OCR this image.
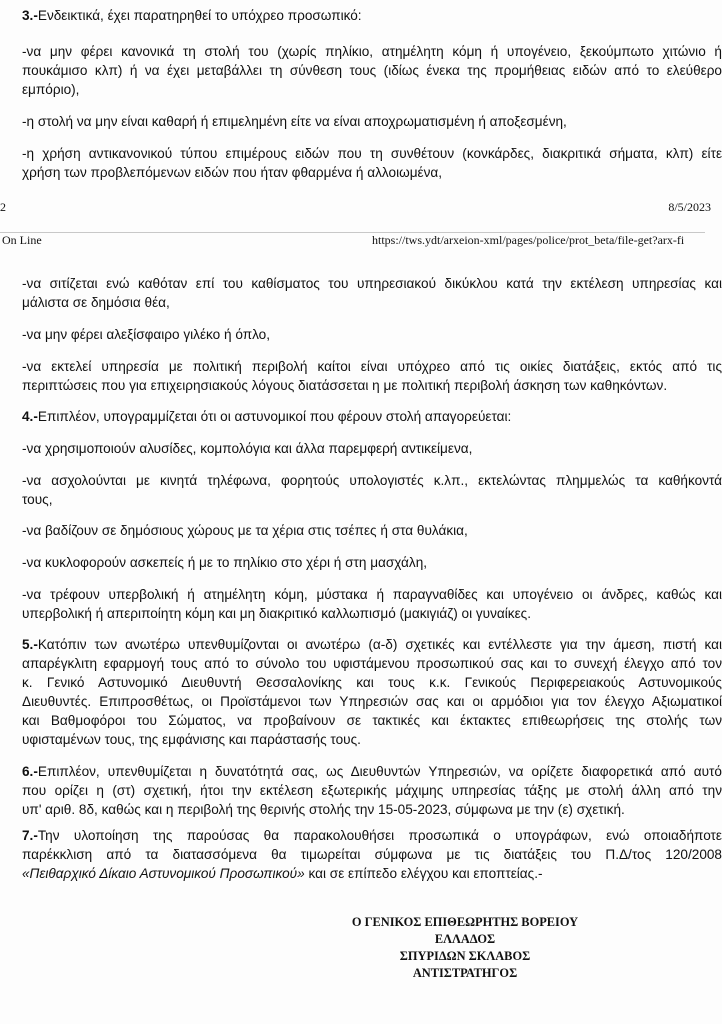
3.-Ενδεικτικά, έχει παρατηρηθεί το υπόχρεο προσωπικό:
-να μην φέρει κανονικά τη στολή του (χωρίς πηλίκιο, ατημέλητη κόμη ή υπογένειο, ξεκούμπωτο χιτώνιο ή
πουκάμισο κλπ) ή να έχει μεταβάλλει τη σύνθεση τους (ιδίως ένεκα της προμήθειας ειδών από το ελεύθερο
εμπόριο),
-η στολή να μην είναι καθαρή ή επιμελημένη είτε να είναι αποχρωματισμένη ή αποξεσμένη,
-η χρήση αντικανονικού τύπου επιμέρους ειδών που τη συνθέτουν (κονκάρδες, διακριτικά σήματα, κλπ) είτε
χρήση των προβλεπόμενων ειδών που ήταν φθαρμένα ή αλλοιωμένα,
2	8/5/2023
On Line	https://tws.ydt/arxeion-xml/pages/police/prot_beta/file-get?arx-fi
-να σιτίζεται ενώ καθόταν επί του καθίσματος του υπηρεσιακού δικύκλου κατά την εκτέλεση υπηρεσίας και
μάλιστα σε δημόσια θέα,
-να μην φέρει αλεξίσφαιρο γιλέκο ή όπλο,
-να εκτελεί υπηρεσία με πολιτική περιβολή καίτοι είναι υπόχρεο από τις οικίες διατάξεις, εκτός από τις
περιπτώσεις που για επιχειρησιακούς λόγους διατάσσεται η με πολιτική περιβολή άσκηση των καθηκόντων.
4.-Επιπλέον, υπογραμμίζεται ότι οι αστυνομικοί που φέρουν στολή απαγορεύεται:
-να χρησιμοποιούν αλυσίδες, κομπολόγια και άλλα παρεμφερή αντικείμενα,
-να ασχολούνται με κινητά τηλέφωνα, φορητούς υπολογιστές κ.λπ., εκτελώντας πλημμελώς τα καθήκοντά
τους,
-να βαδίζουν σε δημόσιους χώρους με τα χέρια στις τσέπες ή στα θυλάκια,
-να κυκλοφορούν ασκεπείς ή με το πηλίκιο στο χέρι ή στη μασχάλη,
-να τρέφουν υπερβολική ή ατημέλητη κόμη, μύστακα ή παραγναθίδες και υπογένειο οι άνδρες, καθώς και
υπερβολική ή απεριποίητη κόμη και μη διακριτικό καλλωπισμό (μακιγιάζ) οι γυναίκες.
5.-Κατόπιν των ανωτέρω υπενθυμίζονται οι ανωτέρω (α-δ) σχετικές και εντέλλεστε για την άμεση, πιστή και
απαρέγκλιτη εφαρμογή τους από το σύνολο του υφιστάμενου προσωπικού σας και το συνεχή έλεγχο από τον
κ. Γενικό Αστυνομικό Διευθυντή Θεσσαλονίκης και τους κ.κ. Γενικούς Περιφερειακούς Αστυνομικούς
Διευθυντές. Επιπροσθέτως, οι Προϊστάμενοι των Υπηρεσιών σας και οι αρμόδιοι για τον έλεγχο Αξιωματικοί
και Βαθμοφόροι του Σώματος, να προβαίνουν σε τακτικές και έκτακτες επιθεωρήσεις της στολής των
υφισταμένων τους, της εμφάνισης και παράστασής τους.
6.-Επιπλέον, υπενθυμίζεται η δυνατότητά σας, ως Διευθυντών Υπηρεσιών, να ορίζετε διαφορετικά από αυτό
που ορίζει η (στ) σχετική, ήτοι την εκτέλεση εξωτερικής μάχιμης υπηρεσίας τάξης με στολή άλλη από την
υπ' αριθ. 8δ, καθώς και η περιβολή της θερινής στολής την 15-05-2023, σύμφωνα με την (ε) σχετική.
7.-Την υλοποίηση της παρούσας θα παρακολουθήσει προσωπικά ο υπογράφων, ενώ οποιαδήποτε
παρέκκλιση από τα διατασσόμενα θα τιμωρείται σύμφωνα με τις διατάξεις του Π.Δ/τος 120/2008
«Πειθαρχικό Δίκαιο Αστυνομικού Προσωπικού» και σε επίπεδο ελέγχου και εποπτείας.-
Ο ΓΕΝΙΚΟΣ ΕΠΙΘΕΩΡΗΤΗΣ ΒΟΡΕΙΟΥ
ΕΛΛΑΔΟΣ
ΣΠΥΡΙΔΩΝ ΣΚΛΑΒΟΣ
ΑΝΤΙΣΤΡΑΤΗΓΟΣ
